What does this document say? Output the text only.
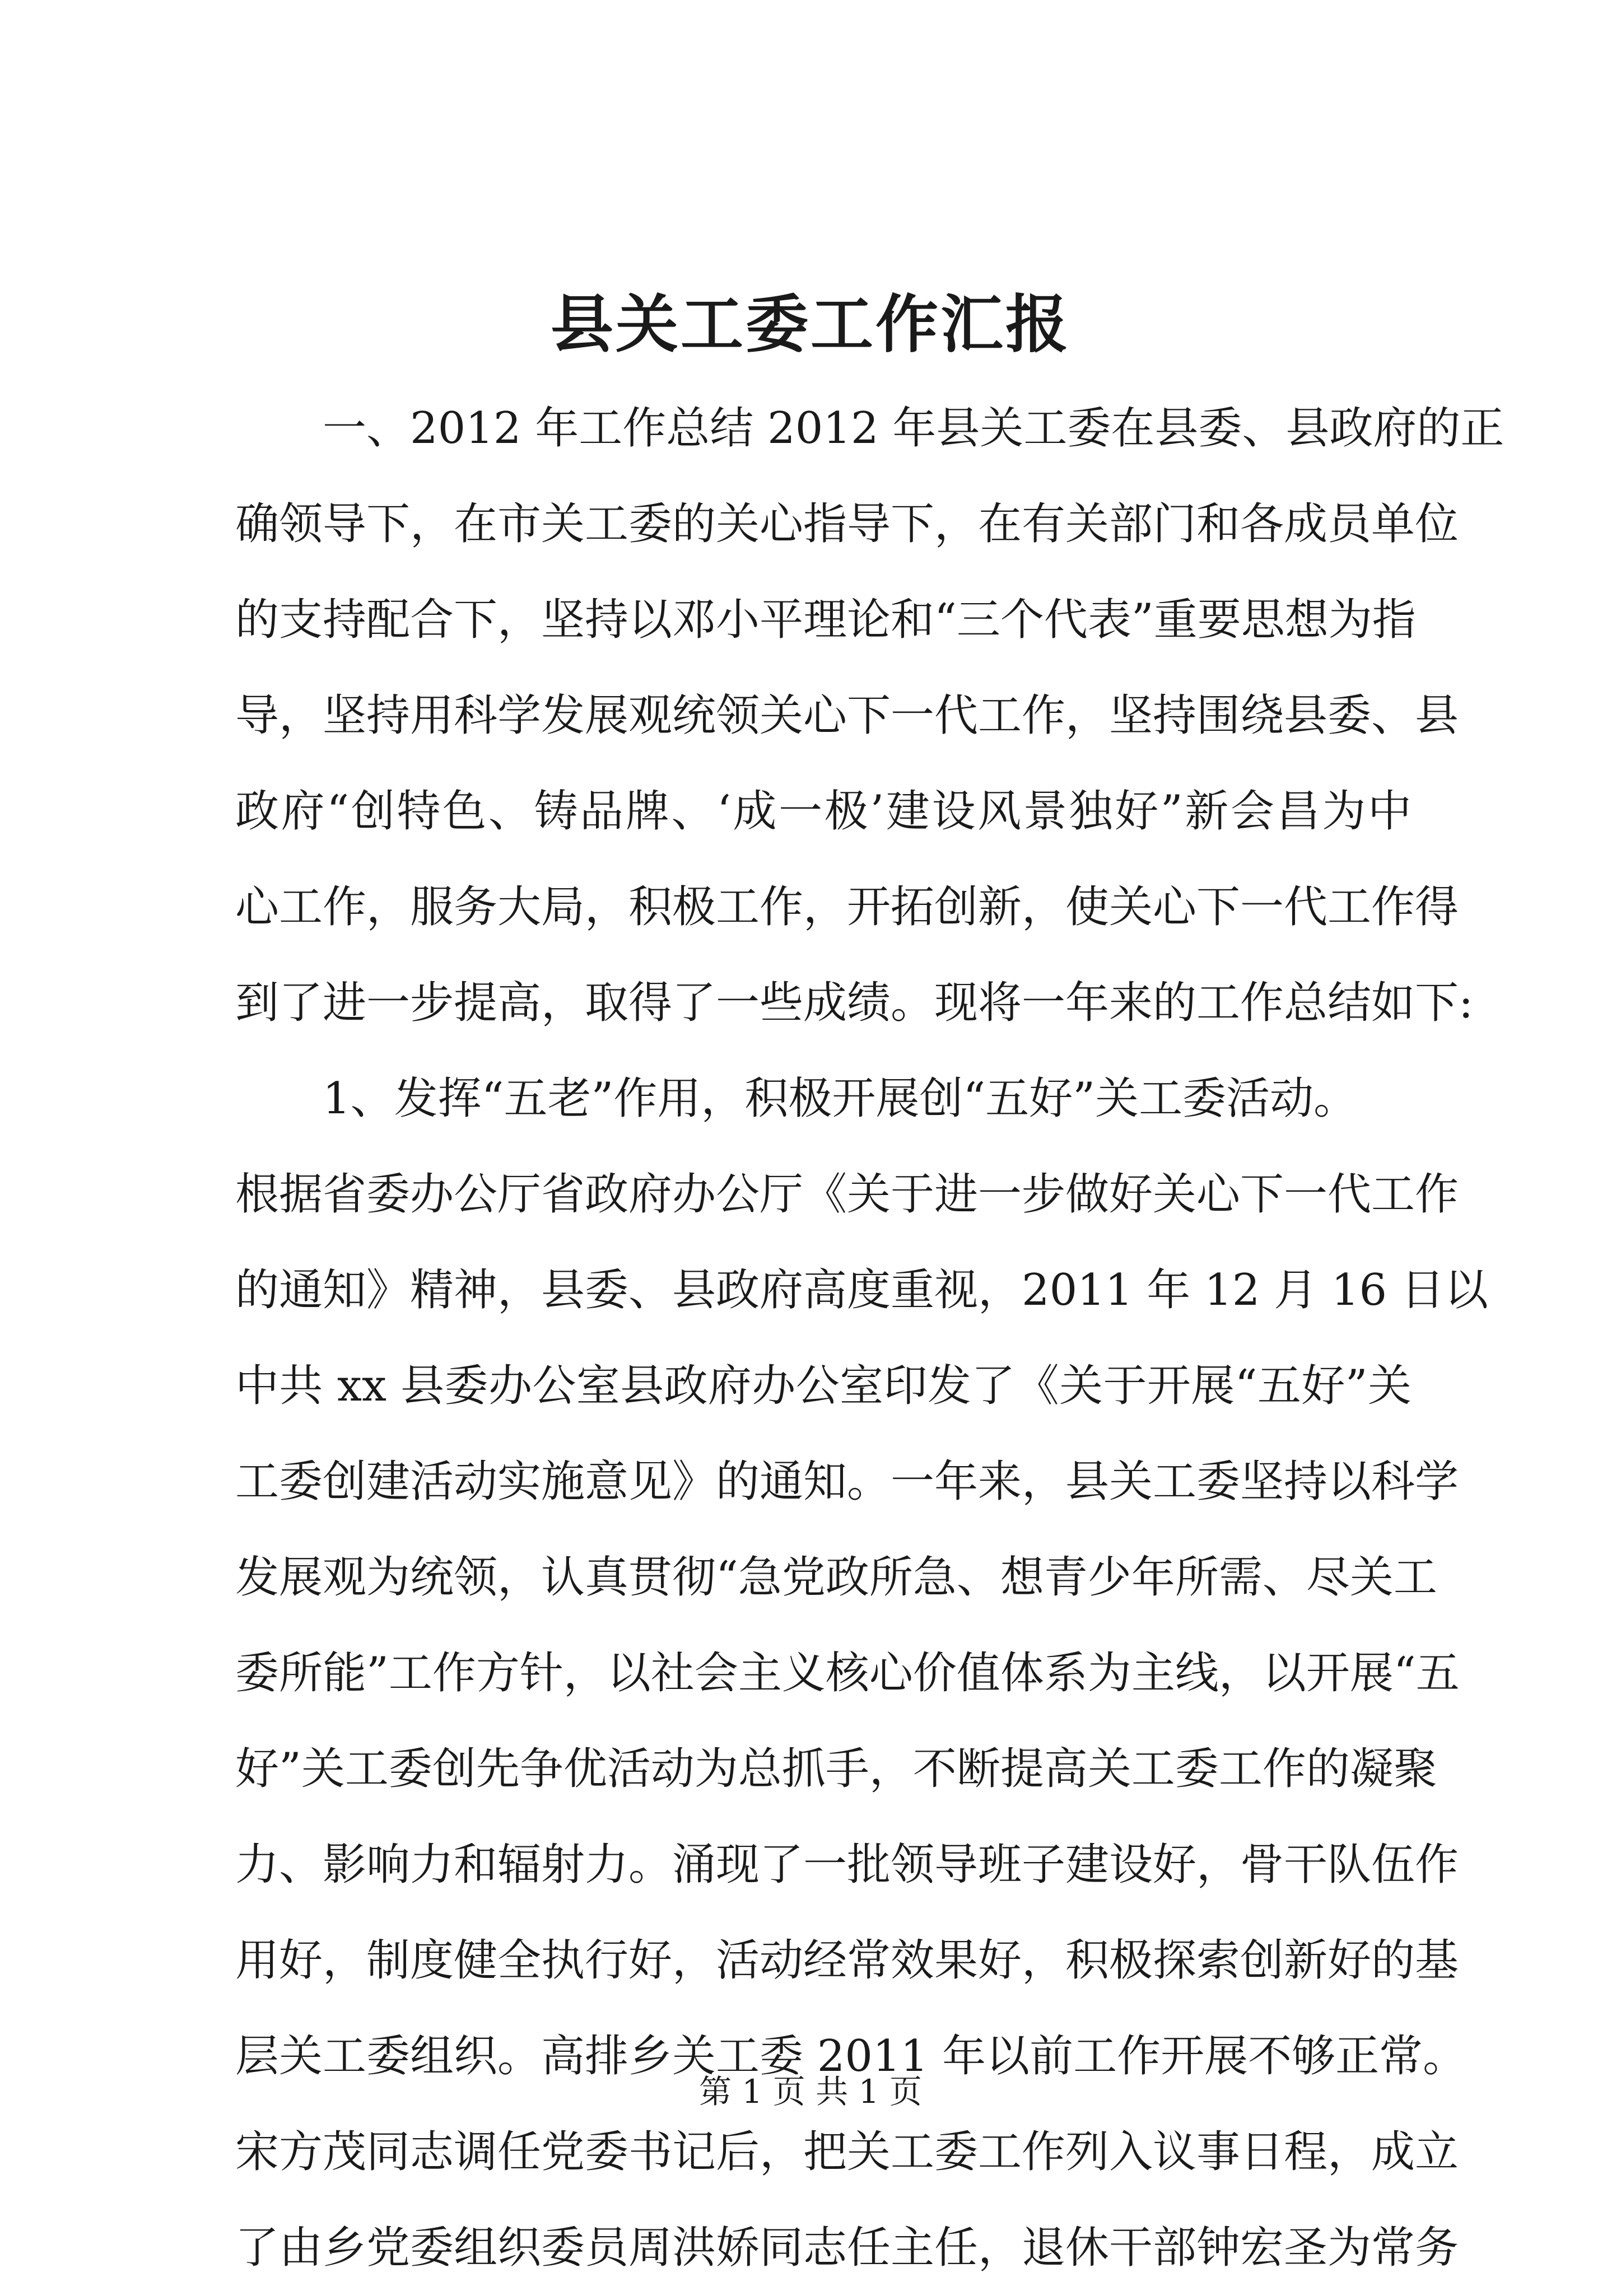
县关工委工作汇报
一、2012 年工作总结 2012 年县关工委在县委、县政府的正
确领导下，在市关工委的关心指导下，在有关部门和各成员单位
的支持配合下，坚持以邓小平理论和“三个代表”重要思想为指
导，坚持用科学发展观统领关心下一代工作，坚持围绕县委、县
政府“创特色、铸品牌、‘成一极’建设风景独好”新会昌为中
心工作，服务大局，积极工作，开拓创新，使关心下一代工作得
到了进一步提高，取得了一些成绩。现将一年来的工作总结如下:
1、发挥“五老”作用，积极开展创“五好”关工委活动。
根据省委办公厅省政府办公厅《关于进一步做好关心下一代工作
的通知》精神，县委、县政府高度重视，2011 年 12 月 16 日以
中共 xx 县委办公室县政府办公室印发了《关于开展“五好”关
工委创建活动实施意见》的通知。一年来，县关工委坚持以科学
发展观为统领，认真贯彻“急党政所急、想青少年所需、尽关工
委所能”工作方针，以社会主义核心价值体系为主线，以开展“五
好”关工委创先争优活动为总抓手，不断提高关工委工作的凝聚
力、影响力和辐射力。涌现了一批领导班子建设好，骨干队伍作
用好，制度健全执行好，活动经常效果好，积极探索创新好的基
层关工委组织。高排乡关工委 2011 年以前工作开展不够正常。
宋方茂同志调任党委书记后，把关工委工作列入议事日程，成立
了由乡党委组织委员周洪娇同志任主任，退休干部钟宏圣为常务
第 1 页 共 1 页
